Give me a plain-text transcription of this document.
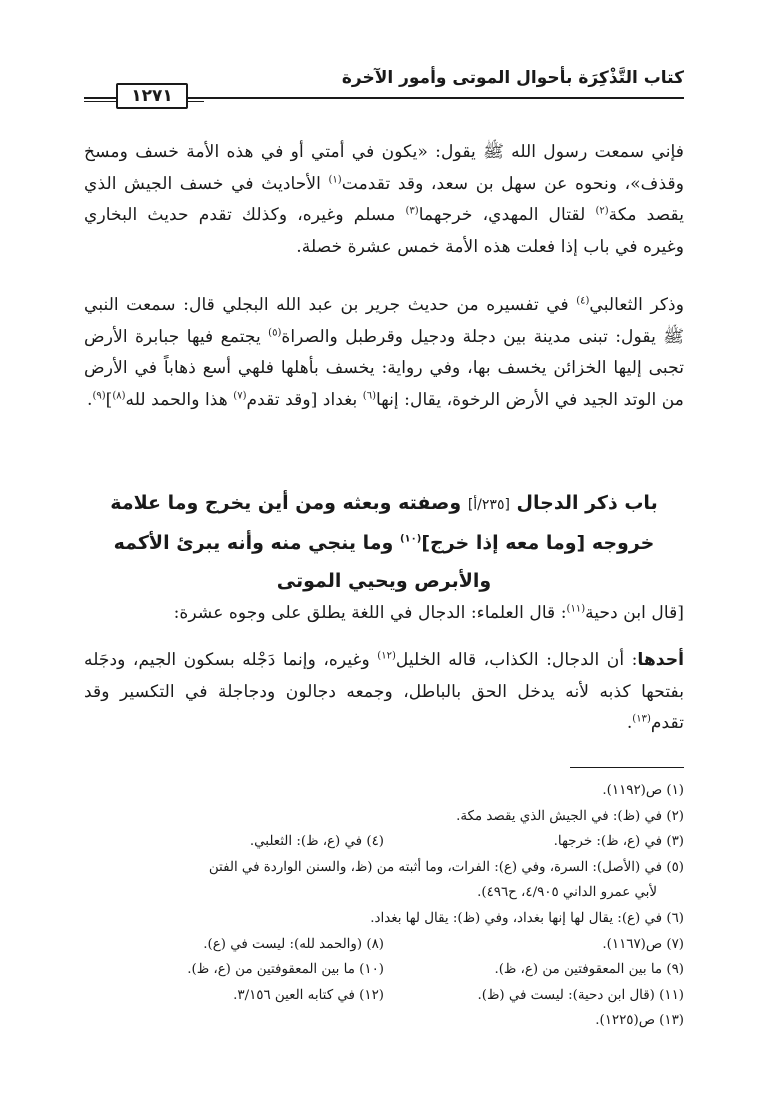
كتاب التَّذْكِرَة بأحوال الموتى وأمور الآخرة
١٢٧١
فإني سمعت رسول الله ﷺ يقول: «يكون في أمتي أو في هذه الأمة خسف ومسخ وقذف»، ونحوه عن سهل بن سعد، وقد تقدمت$^{(١)}$ الأحاديث في خسف الجيش الذي يقصد مكة$^{(٢)}$ لقتال المهدي، خرجهما$^{(٣)}$ مسلم وغيره، وكذلك تقدم حديث البخاري وغيره في باب إذا فعلت هذه الأمة خمس عشرة خصلة.
وذكر الثعالبي$^{(٤)}$ في تفسيره من حديث جرير بن عبد الله البجلي قال: سمعت النبي ﷺ يقول: تبنى مدينة بين دجلة ودجيل وقرطبل والصراة$^{(٥)}$ يجتمع فيها جبابرة الأرض تجبى إليها الخزائن يخسف بها، وفي رواية: يخسف بأهلها فلهي أسع ذهاباً في الأرض من الوتد الجيد في الأرض الرخوة، يقال: إنها$^{(٦)}$ بغداد [وقد تقدم$^{(٧)}$ هذا والحمد لله$^{(٨)}$]$^{(٩)}$.
باب ذكر الدجال [٢٣٥/أ] وصفته وبعثه ومن أين يخرج وما علامة خروجه [وما معه إذا خرج]$^{(١٠)}$ وما ينجي منه وأنه يبرئ الأكمه والأبرص ويحيي الموتى
[قال ابن دحية$^{(١١)}$: قال العلماء: الدجال في اللغة يطلق على وجوه عشرة:
أحدها: أن الدجال: الكذاب، قاله الخليل$^{(١٢)}$ وغيره، وإنما دَجْله بسكون الجيم، ودجَله بفتحها كذبه لأنه يدخل الحق بالباطل، وجمعه دجالون ودجاجلة في التكسير وقد تقدم$^{(١٣)}$.
(١) ص(١١٩٢).
(٢) في (ظ): في الجيش الذي يقصد مكة.
(٣) في (ع، ظ): خرجها.
(٤) في (ع، ظ): الثعلبي.
(٥) في (الأصل): السرة، وفي (ع): الفرات، وما أثبته من (ظ، والسنن الواردة في الفتن
لأبي عمرو الداني ٤/٩٠٥، ح٤٩٦).
(٦) في (ع): يقال لها إنها بغداد، وفي (ظ): يقال لها بغداد.
(٧) ص(١١٦٧).
(٨) (والحمد لله): ليست في (ع).
(٩) ما بين المعقوفتين من (ع، ظ).
(١٠) ما بين المعقوفتين من (ع، ظ).
(١١) (قال ابن دحية): ليست في (ظ).
(١٢) في كتابه العين ٣/١٥٦.
(١٣) ص(١٢٢٥).
